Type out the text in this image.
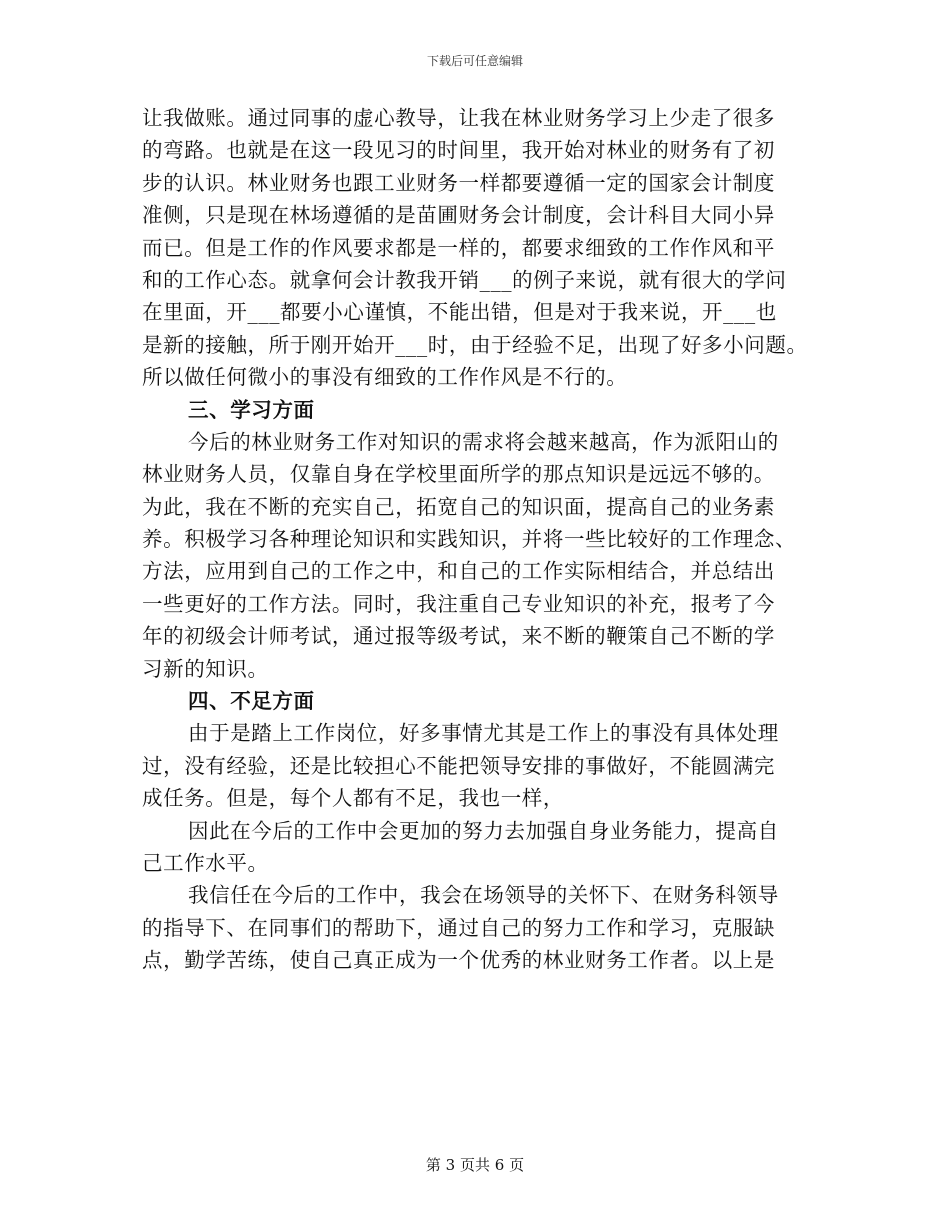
下载后可任意编辑
让我做账。通过同事的虚心教导，让我在林业财务学习上少走了很多
的弯路。也就是在这一段见习的时间里，我开始对林业的财务有了初
步的认识。林业财务也跟工业财务一样都要遵循一定的国家会计制度
准侧，只是现在林场遵循的是苗圃财务会计制度，会计科目大同小异
而已。但是工作的作风要求都是一样的，都要求细致的工作作风和平
和的工作心态。就拿何会计教我开销___的例子来说，就有很大的学问
在里面，开___都要小心谨慎，不能出错，但是对于我来说，开___也
是新的接触，所于刚开始开___时，由于经验不足，出现了好多小问题。
所以做任何微小的事没有细致的工作作风是不行的。
三、学习方面
今后的林业财务工作对知识的需求将会越来越高，作为派阳山的
林业财务人员，仅靠自身在学校里面所学的那点知识是远远不够的。
为此，我在不断的充实自己，拓宽自己的知识面，提高自己的业务素
养。积极学习各种理论知识和实践知识，并将一些比较好的工作理念、
方法，应用到自己的工作之中，和自己的工作实际相结合，并总结出
一些更好的工作方法。同时，我注重自己专业知识的补充，报考了今
年的初级会计师考试，通过报等级考试，来不断的鞭策自己不断的学
习新的知识。
四、不足方面
由于是踏上工作岗位，好多事情尤其是工作上的事没有具体处理
过，没有经验，还是比较担心不能把领导安排的事做好，不能圆满完
成任务。但是，每个人都有不足，我也一样，
因此在今后的工作中会更加的努力去加强自身业务能力，提高自
己工作水平。
我信任在今后的工作中，我会在场领导的关怀下、在财务科领导
的指导下、在同事们的帮助下，通过自己的努力工作和学习，克服缺
点，勤学苦练，使自己真正成为一个优秀的林业财务工作者。以上是
第 3 页共 6 页
